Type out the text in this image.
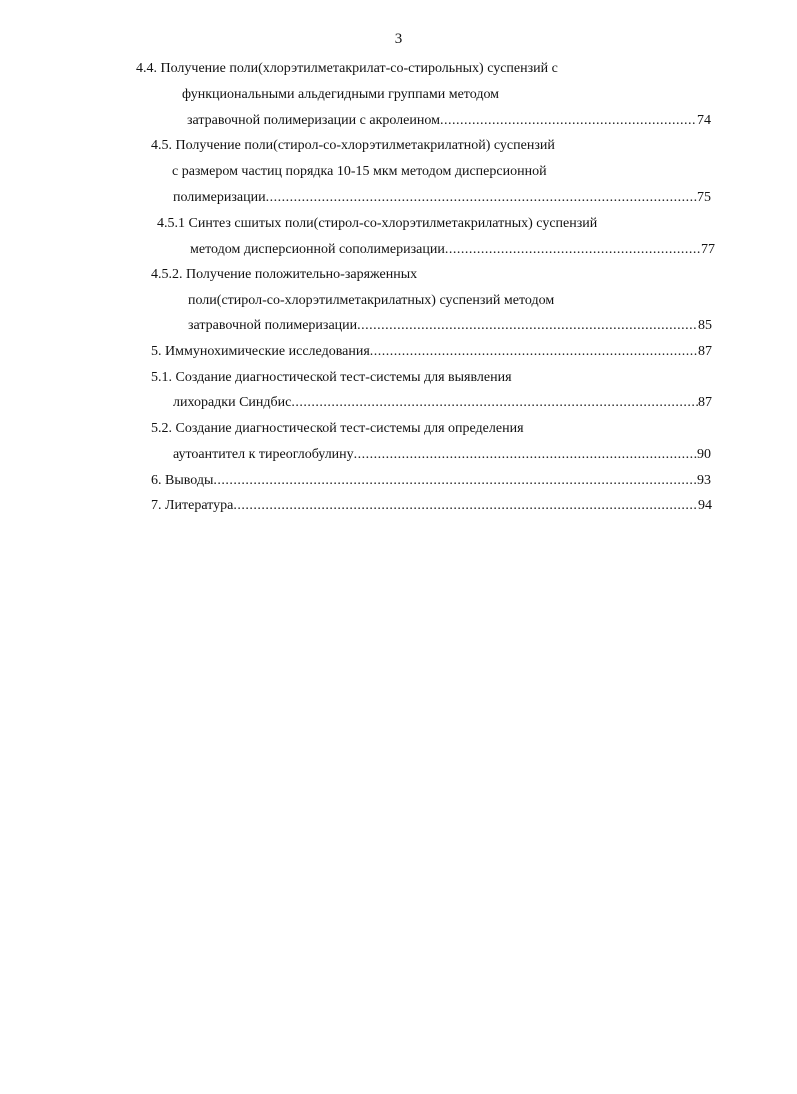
3
4.4. Получение поли(хлорэтилметакрилат-со-стирольных) суспензий с
функциональными альдегидными группами методом
затравочной полимеризации с акролеином .....	74
4.5. Получение поли(стирол-со-хлорэтилметакрилатной) суспензий
с размером частиц порядка 10-15 мкм методом дисперсионной
полимеризации .....	75
4.5.1 Синтез сшитых поли(стирол-со-хлорэтилметакрилатных) суспензий
методом дисперсионной сополимеризации .....	77
4.5.2. Получение положительно-заряженных
поли(стирол-со-хлорэтилметакрилатных) суспензий методом
затравочной полимеризации .....	85
5. Иммунохимические исследования .....	87
5.1. Создание диагностической тест-системы для выявления
лихорадки Синдбис .....	87
5.2. Создание диагностической тест-системы для определения
аутоантител к тиреоглобулину .....	90
6. Выводы .....	93
7. Литература .....	94
